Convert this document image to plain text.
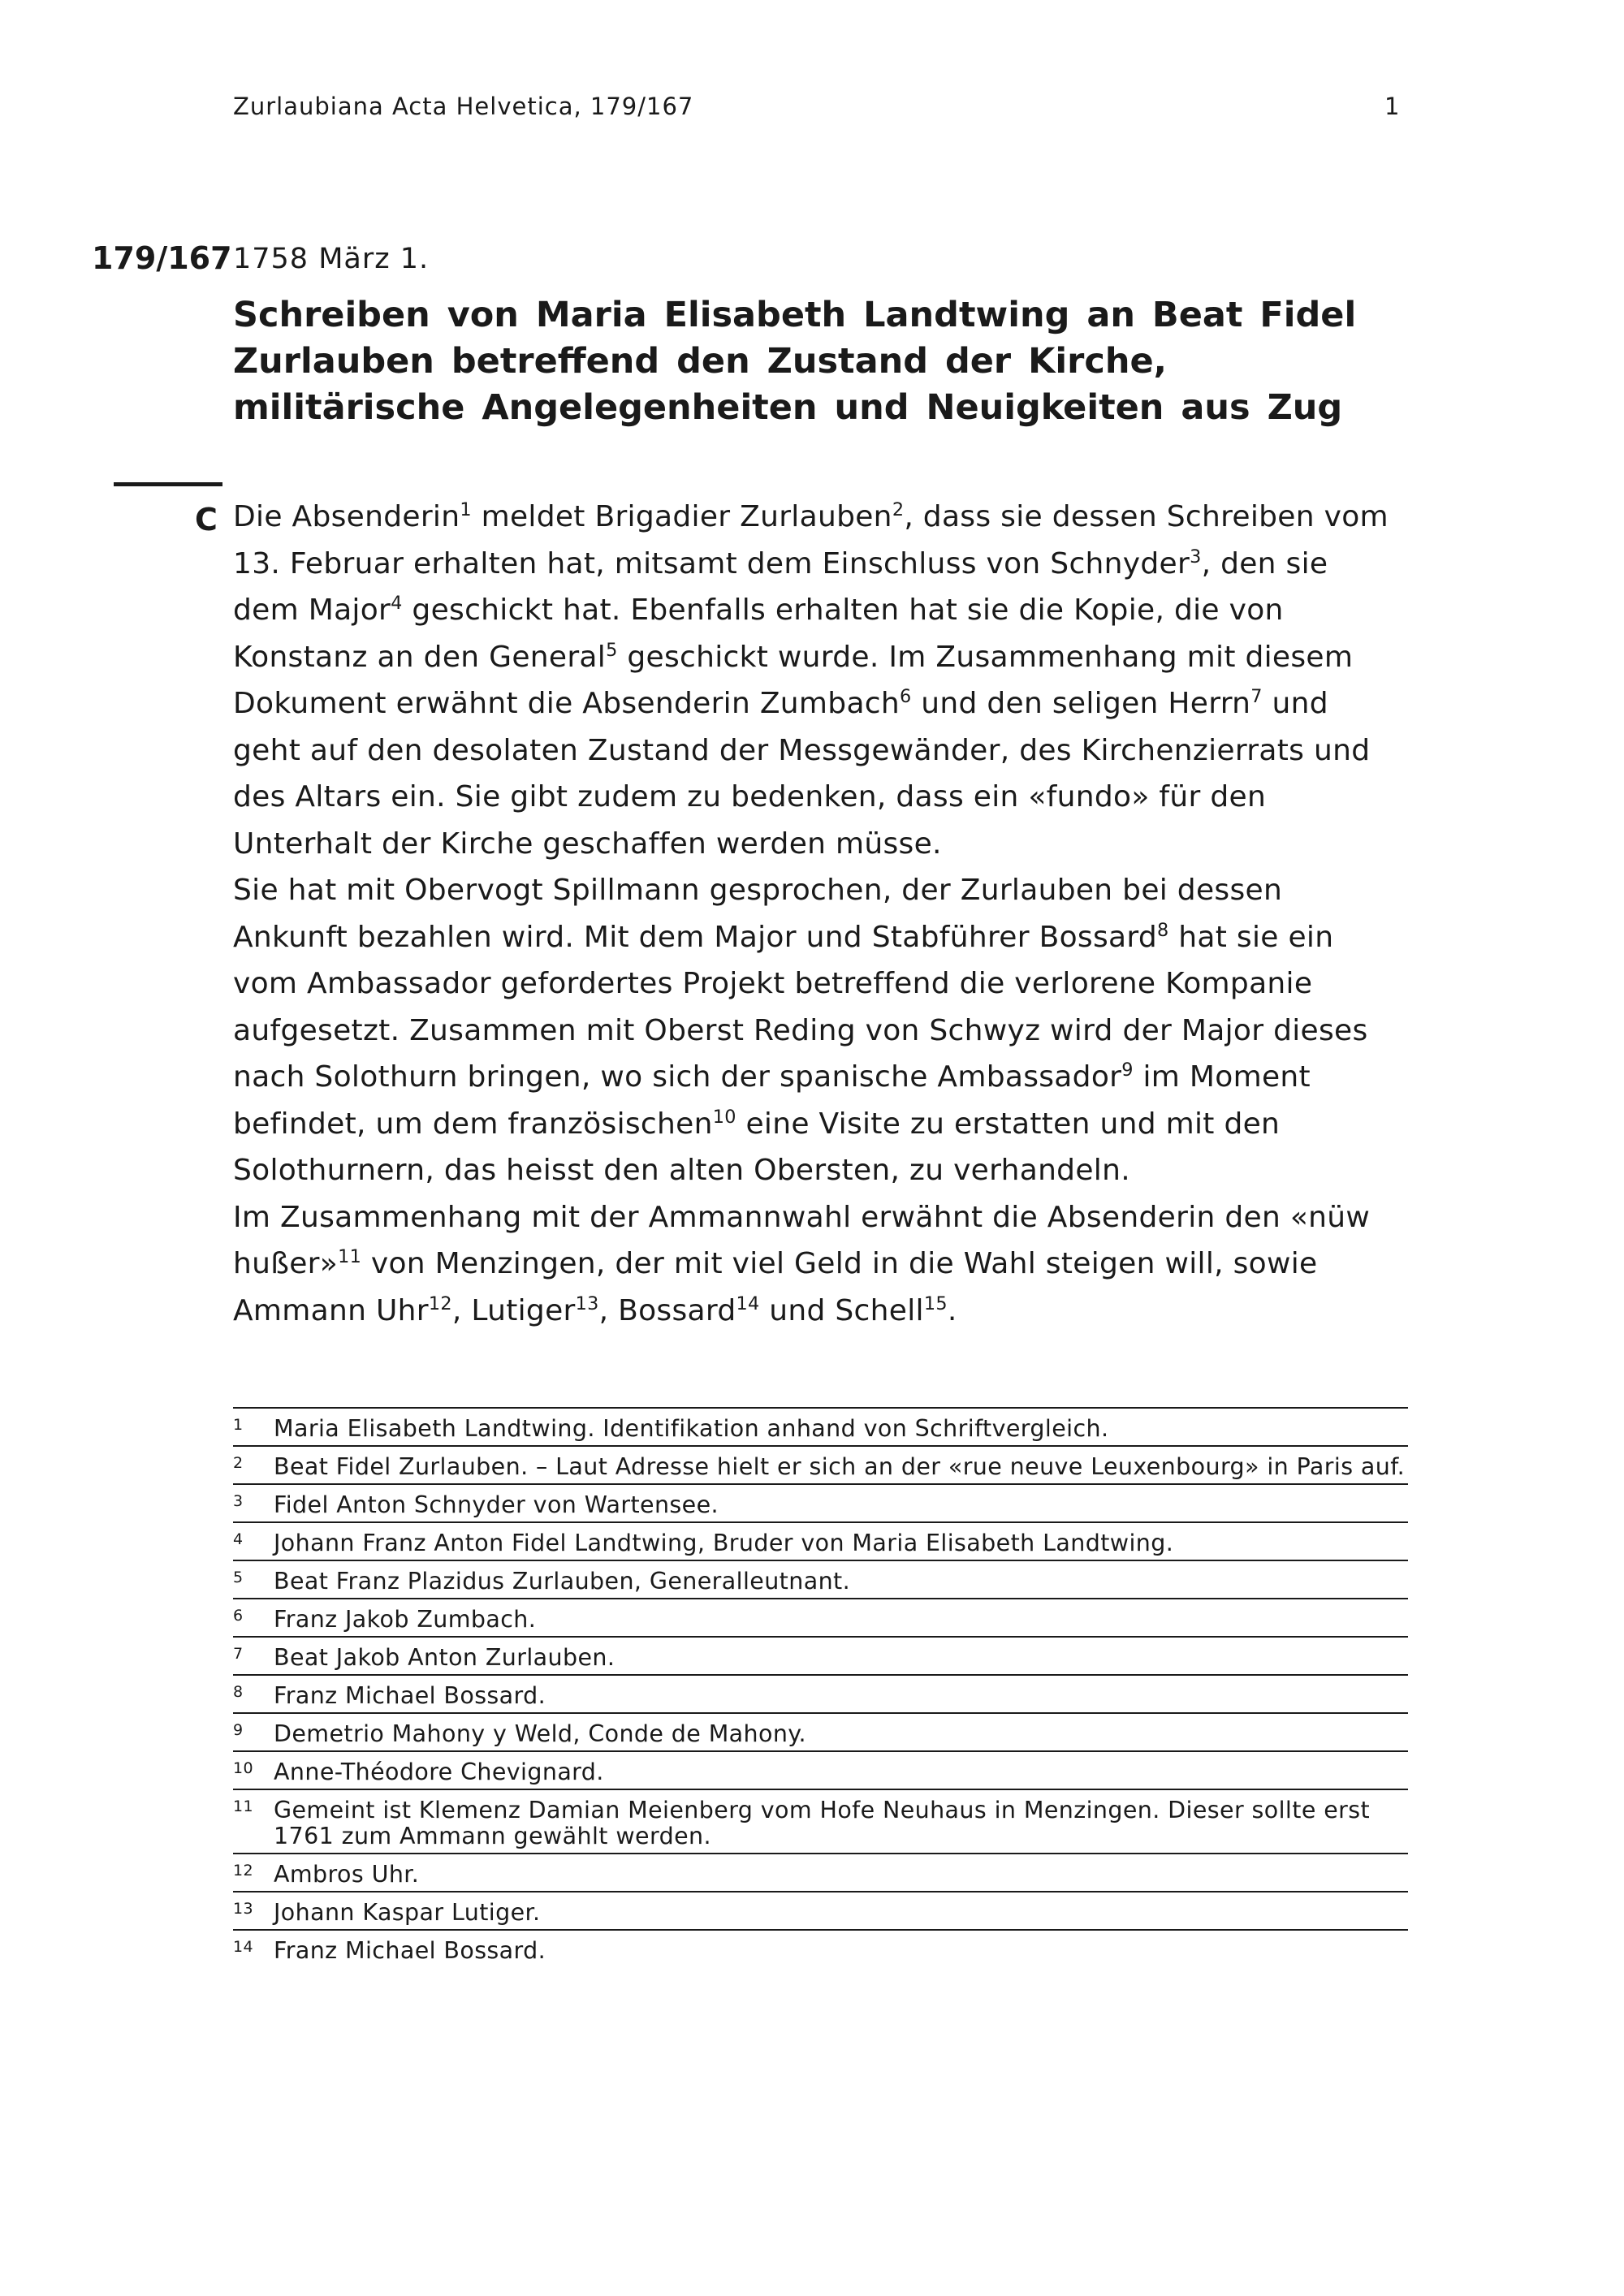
Zurlaubiana Acta Helvetica, 179/167	1
179/167 1758 März 1.
Schreiben von Maria Elisabeth Landtwing an Beat Fidel Zurlauben betreffend den Zustand der Kirche, militärische Angelegenheiten und Neuigkeiten aus Zug
C Die Absenderin$^1$ meldet Brigadier Zurlauben$^2$, dass sie dessen Schreiben vom 13. Februar erhalten hat, mitsamt dem Einschluss von Schnyder$^3$, den sie dem Major$^4$ geschickt hat. Ebenfalls erhalten hat sie die Kopie, die von Konstanz an den General$^5$ geschickt wurde. Im Zusammenhang mit diesem Dokument erwähnt die Absenderin Zumbach$^6$ und den seligen Herrn$^7$ und geht auf den desolaten Zustand der Messgewänder, des Kirchenzierrats und des Altars ein. Sie gibt zudem zu bedenken, dass ein «fundo» für den Unterhalt der Kirche geschaffen werden müsse.

Sie hat mit Obervogt Spillmann gesprochen, der Zurlauben bei dessen Ankunft bezahlen wird. Mit dem Major und Stabführer Bossard$^8$ hat sie ein vom Ambassador gefordertes Projekt betreffend die verlorene Kompanie aufgesetzt. Zusammen mit Oberst Reding von Schwyz wird der Major dieses nach Solothurn bringen, wo sich der spanische Ambassador$^9$ im Moment befindet, um dem französischen$^{10}$ eine Visite zu erstatten und mit den Solothurnern, das heisst den alten Obersten, zu verhandeln.

Im Zusammenhang mit der Ammannwahl erwähnt die Absenderin den «nüw hußer»$^{11}$ von Menzingen, der mit viel Geld in die Wahl steigen will, sowie Ammann Uhr$^{12}$, Lutiger$^{13}$, Bossard$^{14}$ und Schell$^{15}$.

1	Maria Elisabeth Landtwing. Identifikation anhand von Schriftvergleich.
2	Beat Fidel Zurlauben. – Laut Adresse hielt er sich an der «rue neuve Leuxenbourg» in Paris auf.
3	Fidel Anton Schnyder von Wartensee.
4	Johann Franz Anton Fidel Landtwing, Bruder von Maria Elisabeth Landtwing.
5	Beat Franz Plazidus Zurlauben, Generalleutnant.
6	Franz Jakob Zumbach.
7	Beat Jakob Anton Zurlauben.
8	Franz Michael Bossard.
9	Demetrio Mahony y Weld, Conde de Mahony.
10 Anne-Théodore Chevignard.
11 Gemeint ist Klemenz Damian Meienberg vom Hofe Neuhaus in Menzingen. Dieser sollte erst 1761 zum Ammann gewählt werden.
12 Ambros Uhr.
13 Johann Kaspar Lutiger.
14 Franz Michael Bossard.
